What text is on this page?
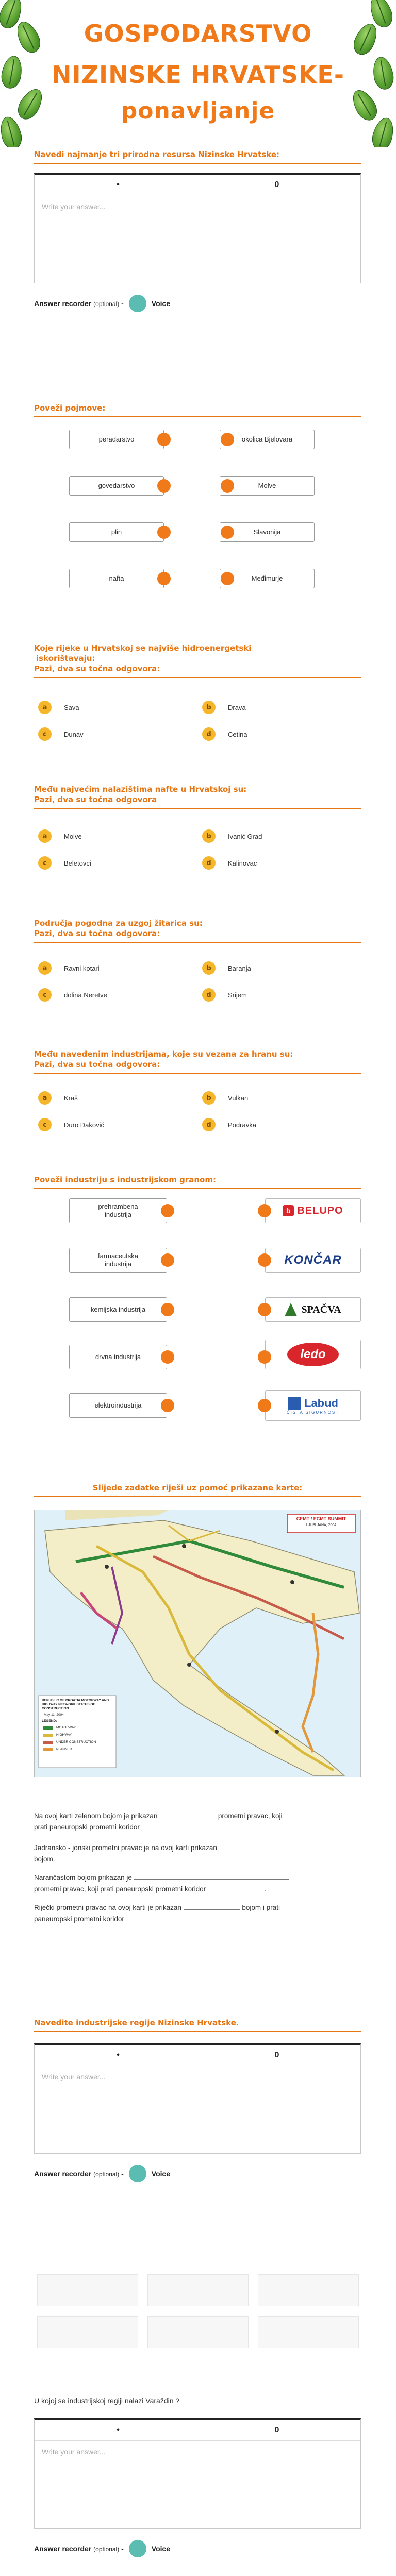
GOSPODARSTVO
NIZINSKE HRVATSKE-
ponavljanje
Navedi najmanje tri prirodna resursa Nizinske Hrvatske:
•	0
Write your answer...
Answer recorder (optional) -	Voice
Poveži pojmove:
peradarstvo	okolica Bjelovara
govedarstvo	Molve
plin	Slavonija
nafta	Međimurje
Koje rijeke u Hrvatskoj se najviše hidroenergetski
iskorištavaju:
Pazi, dva su točna odgovora:
a	Sava	b	Drava
c	Dunav	d	Cetina
Među najvećim nalazištima nafte u Hrvatskoj su:
Pazi, dva su točna odgovora
a	Molve	b	Ivanić Grad
c	Beletovci	d	Kalinovac
Područja pogodna za uzgoj žitarica su:
Pazi, dva su točna odgovora:
a	Ravni kotari	b	Baranja
c	dolina Neretve	d	Srijem
Među navedenim industrijama, koje su vezana za hranu su:
Pazi, dva su točna odgovora:
a	Kraš	b	Vulkan
c	Đuro Đaković	d	Podravka
Poveži industriju s industrijskom granom:
prehrambena industrija	b BELUPO
farmaceutska industrija	KONČAR
kemijska industrija	SPAČVA
drvna industrija	ledo
elektroindustrija	Labud
ČISTA SIGURNOST
Slijede zadatke riješi uz pomoć prikazane karte:
CEMT / ECMT SUMMIT
LJUBLJANA, 2004
REPUBLIC OF CROATIA MOTORWAY AND HIGHWAY NETWORK STATUS OF CONSTRUCTION
- May 11, 2004
LEGEND:
MOTORWAY
HIGHWAY
UNDER CONSTRUCTION
PLANNED
Na ovoj karti zelenom bojom je prikazan	prometni pravac, koji
prati paneuropski prometni koridor
Jadransko - jonski prometni pravac je na ovoj karti prikazan
bojom.
Narančastom bojom prikazan je
prometni pravac, koji prati paneuropski prometni koridor	.
Riječki prometni pravac na ovoj karti je prikazan	bojom i prati
paneuropski prometni koridor
Navedite industrijske regije Nizinske Hrvatske.
•	0
Write your answer...
Answer recorder (optional) -	Voice
U kojoj se industrijskoj regiji nalazi Varaždin ?
•	0
Write your answer...
Answer recorder (optional) -	Voice
